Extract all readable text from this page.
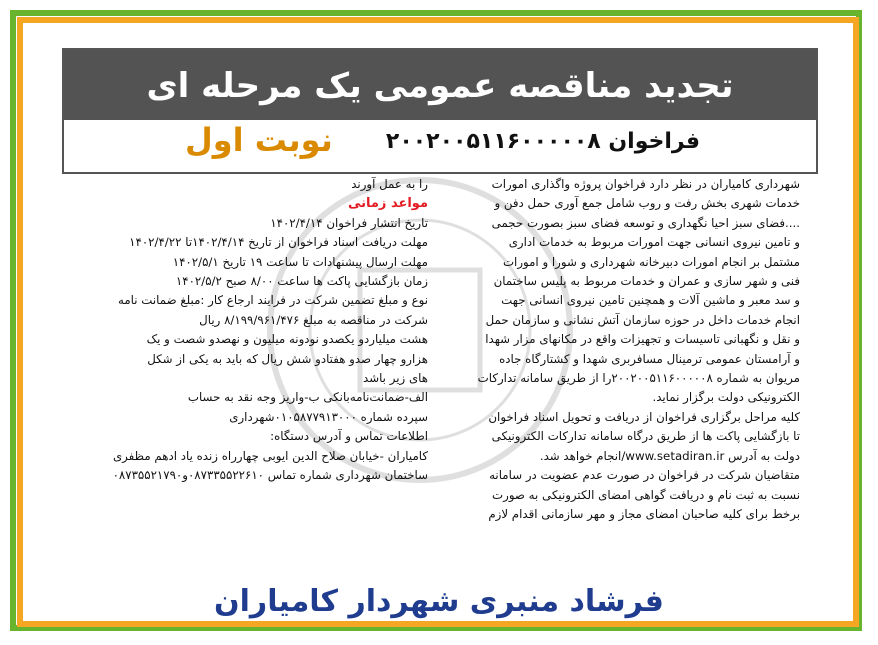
تجدید مناقصه عمومی یک مرحله ای
فراخوان ۲۰۰۲۰۰۵۱۱۶۰۰۰۰۰۸
نوبت اول
شهرداری کامیاران در نظر دارد فراخوان پروژه واگذاری امورات
خدمات شهری بخش رفت و روب شامل جمع آوری حمل دفن و
....فضای سبز احیا نگهداری و توسعه فضای سبز بصورت حجمی
و تامین نیروی انسانی جهت امورات مربوط به خدمات اداری
مشتمل بر انجام امورات دبیرخانه شهرداری و شورا و امورات
فنی و شهر سازی و عمران و خدمات مربوط به پلیس ساختمان
و سد معبر و ماشین آلات و همچنین تامین نیروی انسانی جهت
انجام خدمات داخل در حوزه سازمان آتش نشانی و سازمان حمل
و نقل و نگهبانی تاسیسات و تجهیزات واقع در مکانهای مزار شهدا
و آرامستان عمومی ترمینال مسافربری شهدا و کشتارگاه جاده
مریوان به شماره ۲۰۰۲۰۰۵۱۱۶۰۰۰۰۰۸را از طریق سامانه تدارکات
الکترونیکی دولت برگزار نماید.
کلیه مراحل برگزاری فراخوان از دریافت و تحویل اسناد فراخوان
تا بازگشایی پاکت ها از طریق درگاه سامانه تدارکات الکترونیکی
دولت به آدرس www.setadiran.ir/انجام خواهد شد.
متقاضیان شرکت در فراخوان در صورت عدم عضویت در سامانه
نسبت به ثبت نام و دریافت گواهی امضای الکترونیکی به صورت
برخط برای کلیه صاحبان امضای مجاز و مهر سازمانی اقدام لازم
را به عمل آورند
مواعد زمانی
تاریخ انتشار فراخوان ۱۴۰۲/۴/۱۴
مهلت دریافت اسناد فراخوان از تاریخ ۱۴۰۲/۴/۱۴تا ۱۴۰۲/۴/۲۲
مهلت ارسال پیشنهادات تا ساعت ۱۹ تاریخ ۱۴۰۲/۵/۱
زمان بازگشایی پاکت ها ساعت ۸/۰۰ صبح ۱۴۰۲/۵/۲
نوع و مبلغ تضمین شرکت در فرایند ارجاع کار :مبلغ ضمانت نامه
شرکت در مناقصه به مبلغ ۸/۱۹۹/۹۶۱/۴۷۶ ریال
هشت میلیاردو یکصدو نودونه میلیون و نهصدو شصت و یک
هزارو چهار صدو هفتادو شش ریال که باید به یکی از شکل
های زیر باشد
الف-ضمانت‌نامه‌بانکی ب-واریز وجه نقد به حساب
سپرده شماره ۰۱۰۵۸۷۷۹۱۳۰۰۰شهرداری
اطلاعات تماس و آدرس دستگاه:
کامیاران -خیابان صلاح الدین ایوبی چهارراه زنده یاد ادهم مظفری
ساختمان شهرداری شماره تماس ۰۸۷۳۳۵۵۲۲۶۱۰و۰۸۷۳۵۵۲۱۷۹۰
فرشاد منبری شهردار کامیاران
